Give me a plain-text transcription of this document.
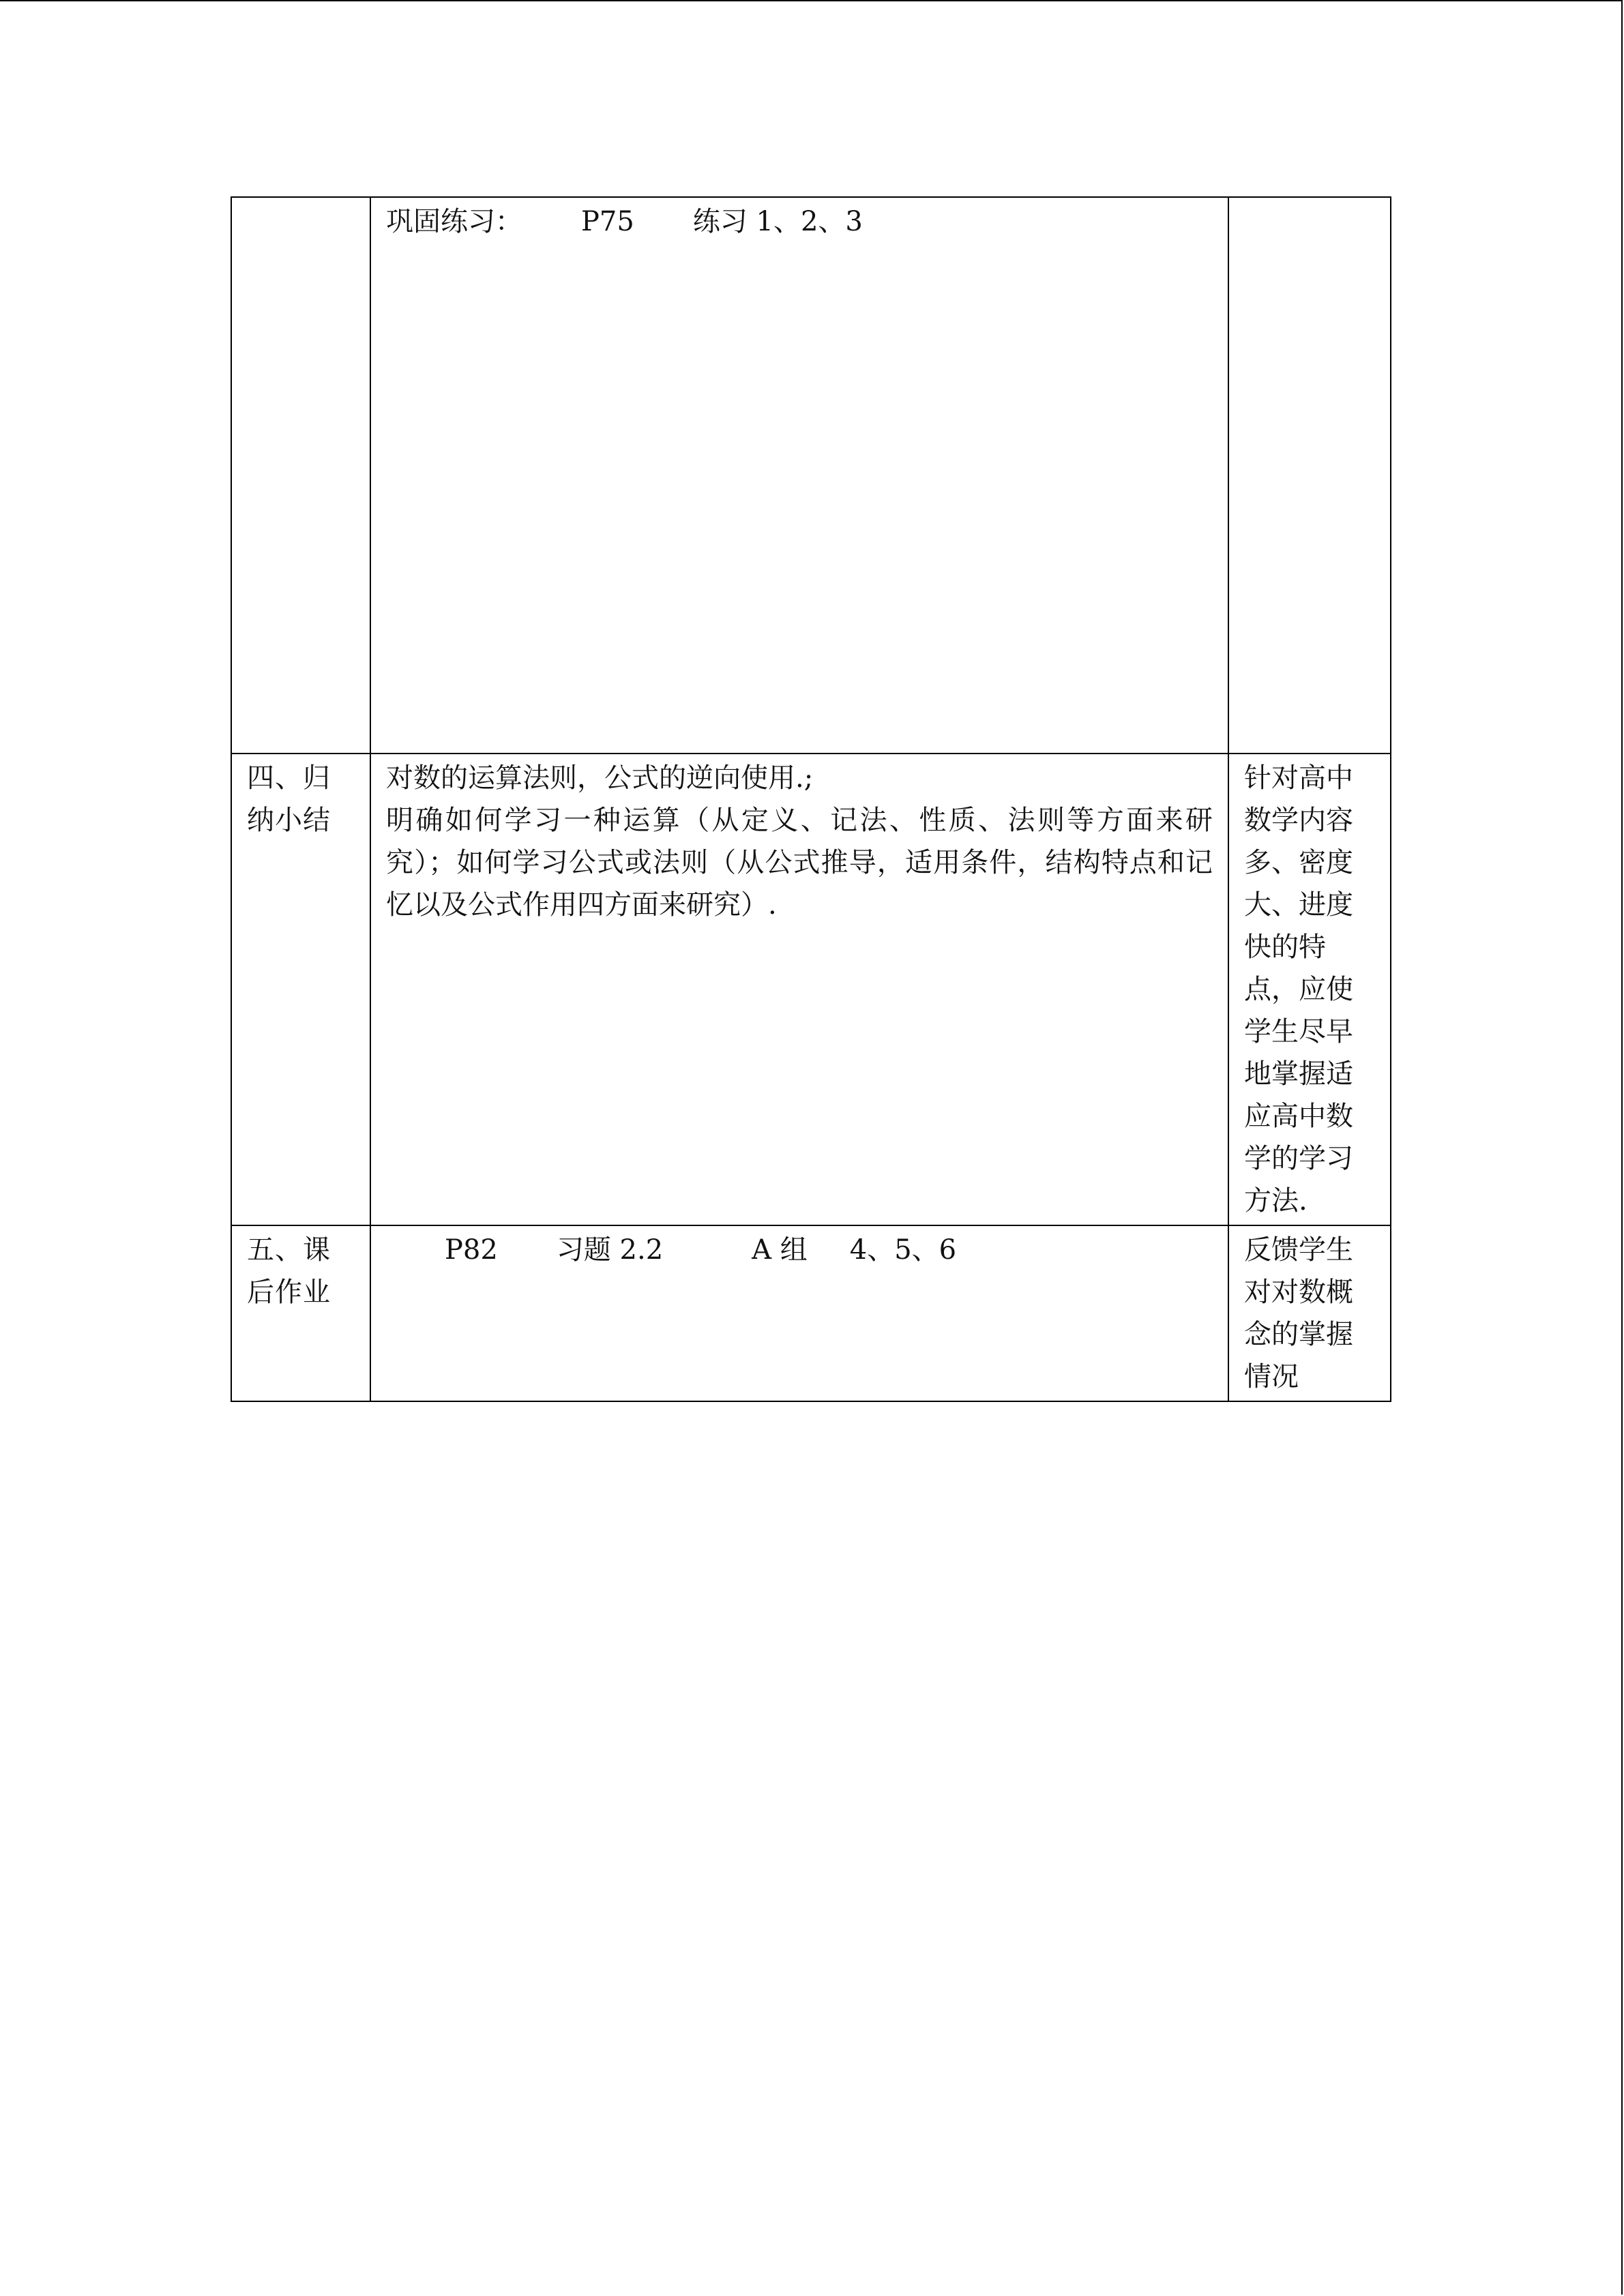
	巩固练习： P75 练习 1、2、3	

四、归纳小结	对数的运算法则，公式的逆向使用.;

明确如何学习一种运算（从定义、记法、性质、法则等方面来研究）；如何学习公式或法则（从公式推导，适用条件，结构特点和记忆以及公式作用四方面来研究）.	针对高中数学内容多、密度大、进度快的特点，应使学生尽早地掌握适应高中数学的学习方法.
五、课后作业	P82 习题 2.2 A 组 4、5、6	反馈学生对对数概念的掌握情况
